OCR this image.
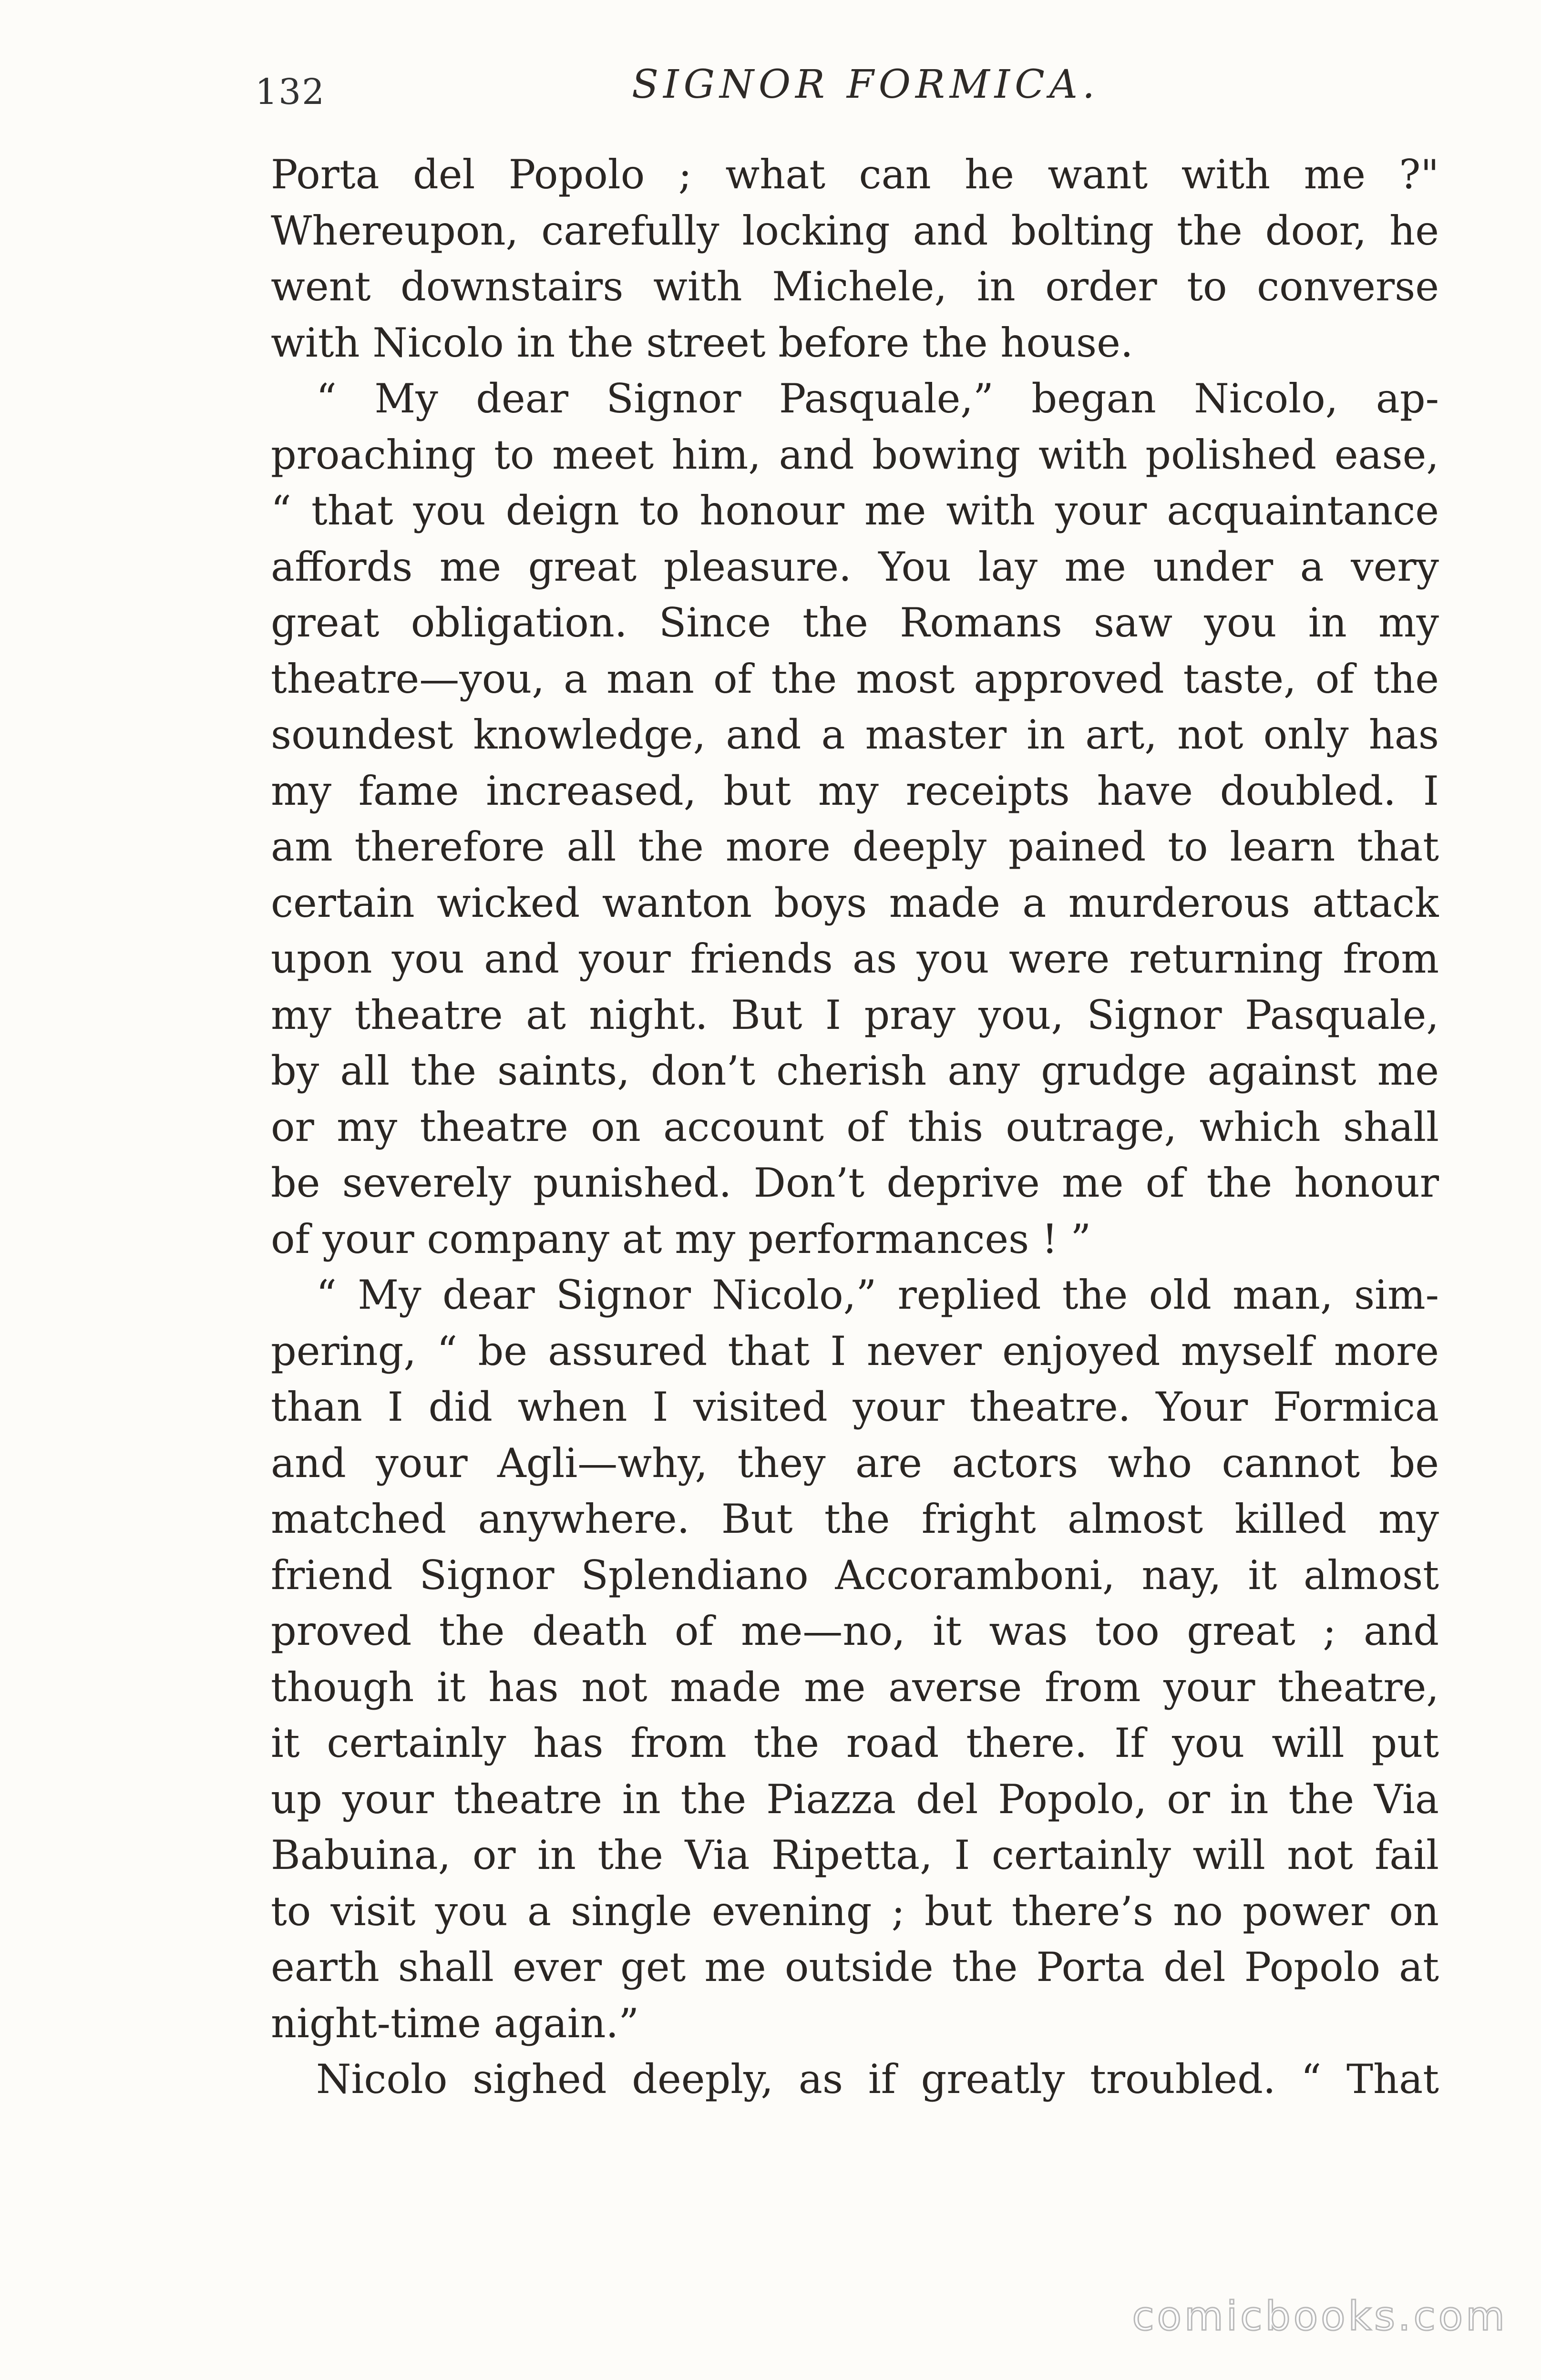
132	SIGNOR FORMICA.
Porta del Popolo ; what can he want with me ?"
Whereupon, carefully locking and bolting the door, he
went downstairs with Michele, in order to converse
with Nicolo in the street before the house.
“ My dear Signor Pasquale,” began Nicolo, ap-
proaching to meet him, and bowing with polished ease,
“ that you deign to honour me with your acquaintance
affords me great pleasure. You lay me under a very
great obligation. Since the Romans saw you in my
theatre—you, a man of the most approved taste, of the
soundest knowledge, and a master in art, not only has
my fame increased, but my receipts have doubled. I
am therefore all the more deeply pained to learn that
certain wicked wanton boys made a murderous attack
upon you and your friends as you were returning from
my theatre at night. But I pray you, Signor Pasquale,
by all the saints, don’t cherish any grudge against me
or my theatre on account of this outrage, which shall
be severely punished. Don’t deprive me of the honour
of your company at my performances ! ”
“ My dear Signor Nicolo,” replied the old man, sim-
pering, “ be assured that I never enjoyed myself more
than I did when I visited your theatre. Your Formica
and your Agli—why, they are actors who cannot be
matched anywhere. But the fright almost killed my
friend Signor Splendiano Accoramboni, nay, it almost
proved the death of me—no, it was too great ; and
though it has not made me averse from your theatre,
it certainly has from the road there. If you will put
up your theatre in the Piazza del Popolo, or in the Via
Babuina, or in the Via Ripetta, I certainly will not fail
to visit you a single evening ; but there’s no power on
earth shall ever get me outside the Porta del Popolo at
night-time again.”
Nicolo sighed deeply, as if greatly troubled. “ That
comicbooks.com
